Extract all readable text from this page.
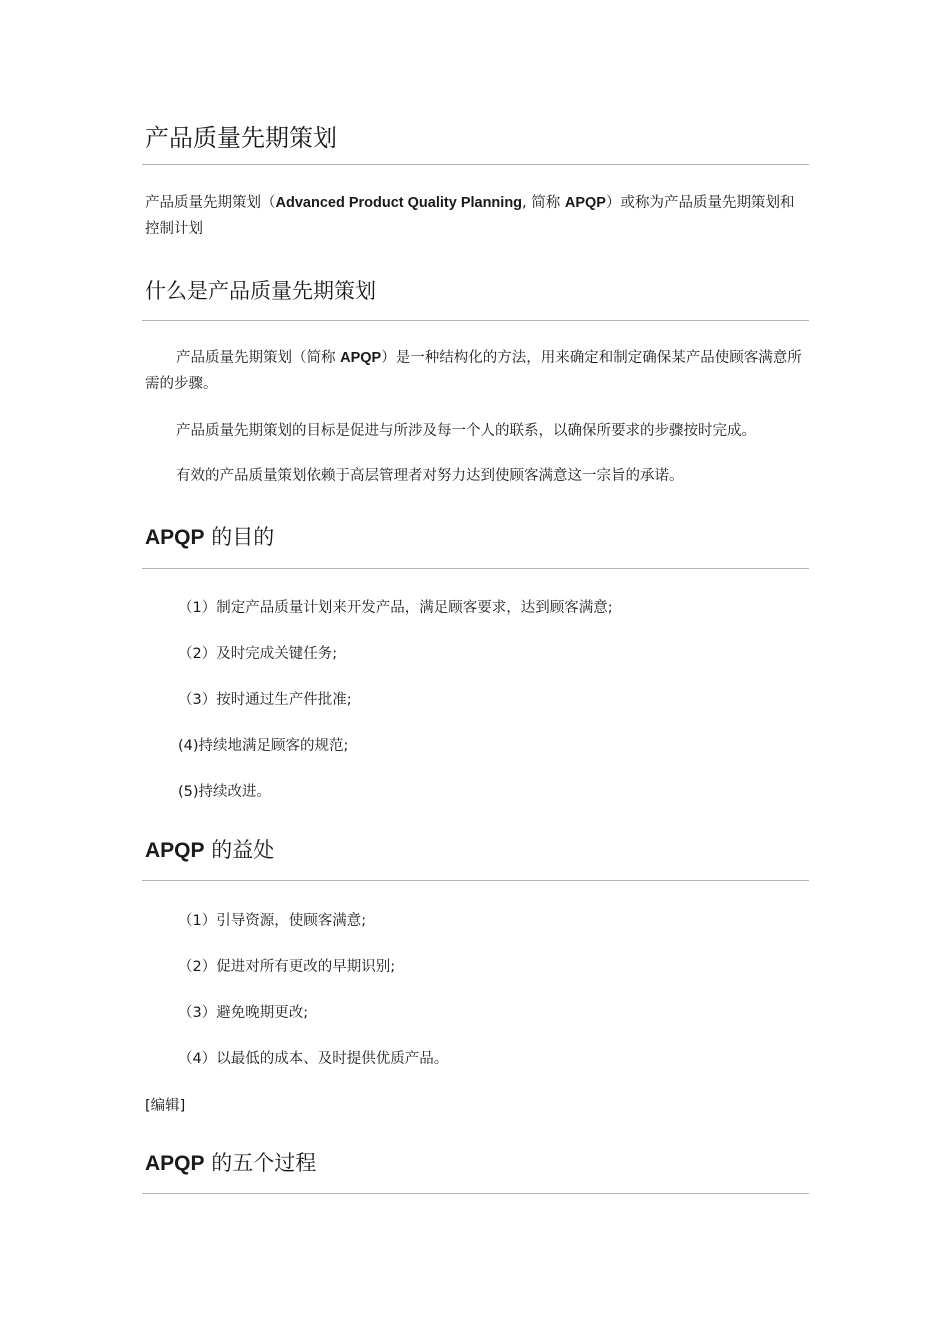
产品质量先期策划

产品质量先期策划（Advanced Product Quality Planning, 简称 APQP）或称为产品质量先期策划和控制计划

什么是产品质量先期策划

产品质量先期策划（简称 APQP）是一种结构化的方法，用来确定和制定确保某产品使顾客满意所需的步骤。

产品质量先期策划的目标是促进与所涉及每一个人的联系，以确保所要求的步骤按时完成。

有效的产品质量策划依赖于高层管理者对努力达到使顾客满意这一宗旨的承诺。

APQP 的目的

（1）制定产品质量计划来开发产品，满足顾客要求，达到顾客满意;

（2）及时完成关键任务;

（3）按时通过生产件批准;

(4)持续地满足顾客的规范;

(5)持续改进。

APQP 的益处

（1）引导资源，使顾客满意;

（2）促进对所有更改的早期识别;

（3）避免晚期更改;

（4）以最低的成本、及时提供优质产品。

[编辑]

APQP 的五个过程
